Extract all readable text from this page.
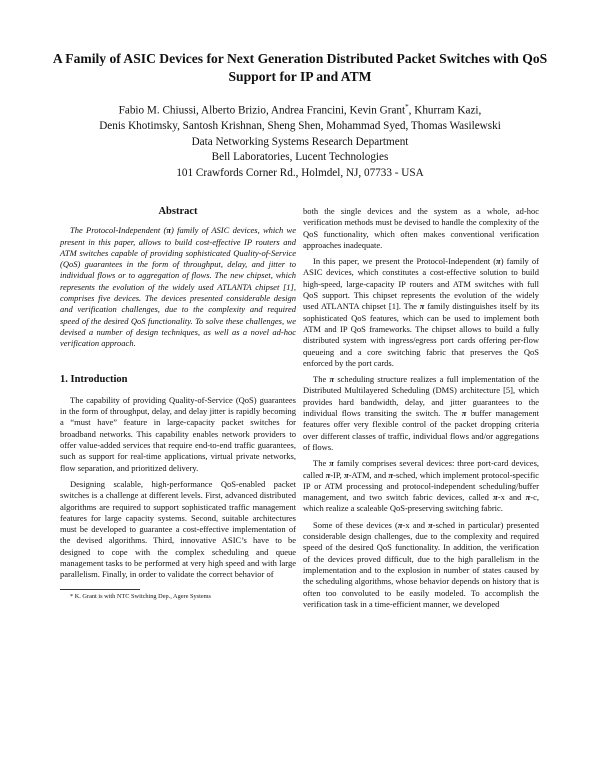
A Family of ASIC Devices for Next Generation Distributed Packet Switches with QoS Support for IP and ATM
Fabio M. Chiussi, Alberto Brizio, Andrea Francini, Kevin Grant*, Khurram Kazi,
Denis Khotimsky, Santosh Krishnan, Sheng Shen, Mohammad Syed, Thomas Wasilewski
Data Networking Systems Research Department
Bell Laboratories, Lucent Technologies
101 Crawfords Corner Rd., Holmdel, NJ, 07733 - USA
Abstract

The Protocol-Independent (π) family of ASIC devices, which we present in this paper, allows to build cost-effective IP routers and ATM switches capable of providing sophisticated Quality-of-Service (QoS) guarantees in the form of throughput, delay, and jitter to individual flows or to aggregation of flows. The new chipset, which represents the evolution of the widely used ATLANTA chipset [1], comprises five devices. The devices presented considerable design and verification challenges, due to the complexity and required speed of the desired QoS functionality. To solve these challenges, we devised a number of design techniques, as well as a novel ad-hoc verification approach.

1. Introduction

The capability of providing Quality-of-Service (QoS) guarantees in the form of throughput, delay, and delay jitter is rapidly becoming a “must have” feature in large-capacity packet switches for broadband networks. This capability enables network providers to offer value-added services that require end-to-end traffic guarantees, such as support for real-time applications, virtual private networks, flow separation, and prioritized delivery.

Designing scalable, high-performance QoS-enabled packet switches is a challenge at different levels. First, advanced distributed algorithms are required to support sophisticated traffic management features for large capacity systems. Second, suitable architectures must be developed to guarantee a cost-effective implementation of the devised algorithms. Third, innovative ASIC’s have to be designed to cope with the complex scheduling and queue management tasks to be performed at very high speed and with large parallelism. Finally, in order to validate the correct behavior of

* K. Grant is with NTC Switching Dep., Agere Systems

both the single devices and the system as a whole, ad-hoc verification methods must be devised to handle the complexity of the QoS functionality, which often makes conventional verification approaches inadequate.

In this paper, we present the Protocol-Independent (π) family of ASIC devices, which constitutes a cost-effective solution to build high-speed, large-capacity IP routers and ATM switches with full QoS support. This chipset represents the evolution of the widely used ATLANTA chipset [1]. The π family distinguishes itself by its sophisticated QoS features, which can be used to implement both ATM and IP QoS frameworks. The chipset allows to build a fully distributed system with ingress/egress port cards offering per-flow queueing and a core switching fabric that preserves the QoS enforced by the port cards.

The π scheduling structure realizes a full implementation of the Distributed Multilayered Scheduling (DMS) architecture [5], which provides hard bandwidth, delay, and jitter guarantees to the individual flows transiting the switch. The π buffer management features offer very flexible control of the packet dropping criteria over different classes of traffic, individual flows and/or aggregations of flows.

The π family comprises several devices: three port-card devices, called π-IP, π-ATM, and π-sched, which implement protocol-specific IP or ATM processing and protocol-independent scheduling/buffer management, and two switch fabric devices, called π-x and π-c, which realize a scaleable QoS-preserving switching fabric.

Some of these devices (π-x and π-sched in particular) presented considerable design challenges, due to the complexity and required speed of the desired QoS functionality. In addition, the verification of the devices proved difficult, due to the high parallelism in the implementation and to the explosion in number of states caused by the scheduling algorithms, whose behavior depends on history that is often too convoluted to be easily modeled. To accomplish the verification task in a time-efficient manner, we developed
